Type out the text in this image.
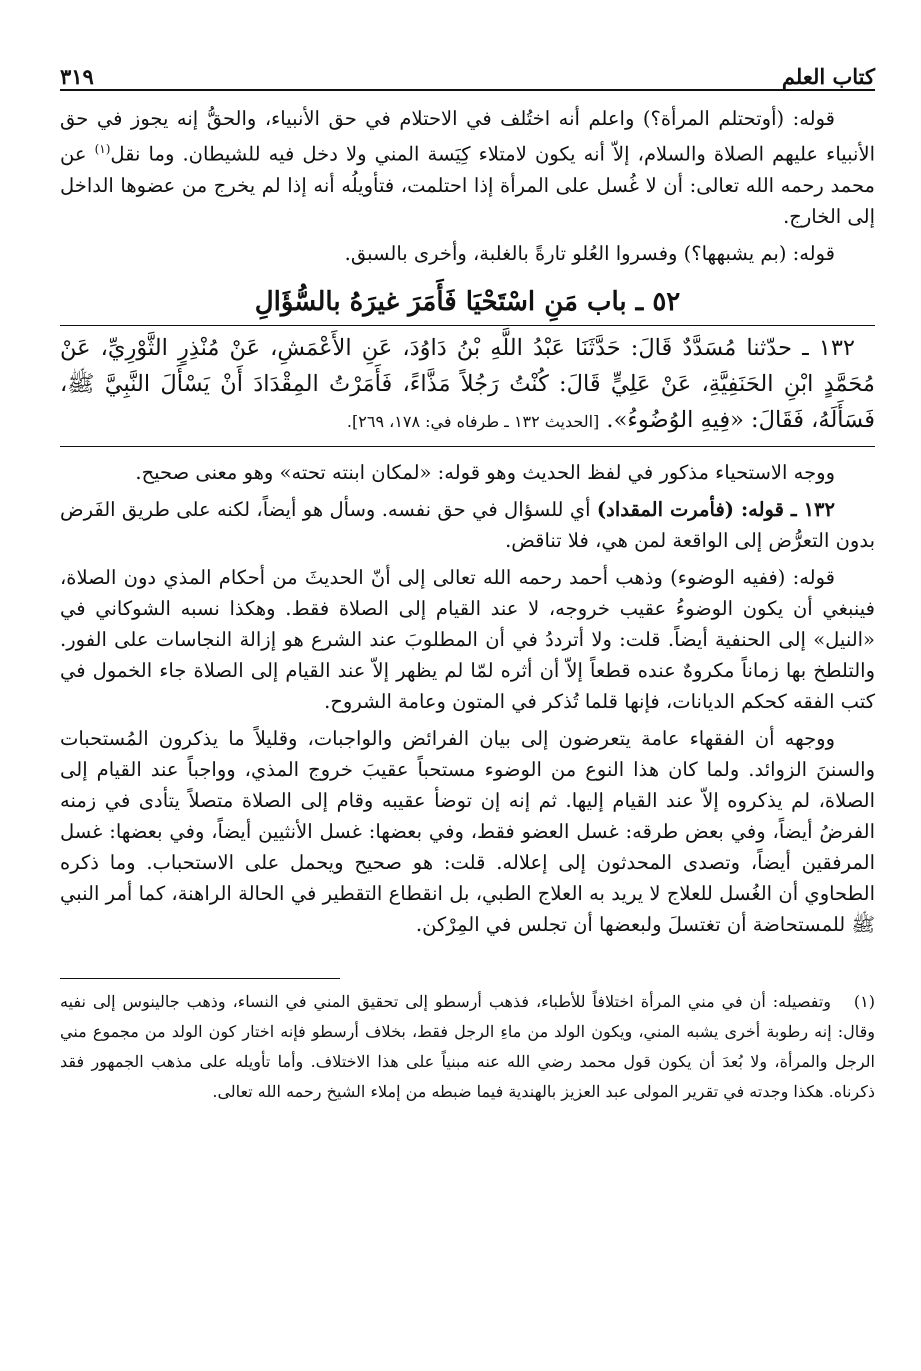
كتاب العلم
٣١٩

قوله: (أوتحتلم المرأة؟) واعلم أنه اختُلف في الاحتلام في حق الأنبياء، والحقُّ إنه يجوز في حق الأنبياء عليهم الصلاة والسلام، إلاّ أنه يكون لامتلاء كِيَسة المني ولا دخل فيه للشيطان. وما نقل$^{(١)}$ عن محمد رحمه الله تعالى: أن لا غُسل على المرأة إذا احتلمت، فتأويلُه أنه إذا لم يخرج من عضوها الداخل إلى الخارج.

قوله: (بم يشبهها؟) وفسروا العُلو تارةً بالغلبة، وأخرى بالسبق.

٥٢ ـ باب مَنِ اسْتَحْيَا فَأَمَرَ غيرَهُ بالسُّؤَالِ

١٣٢ ـ حدّثنا مُسَدَّدٌ قَالَ: حَدَّثَنَا عَبْدُ اللَّهِ بْنُ دَاوُدَ، عَنِ الأَعْمَشِ، عَنْ مُنْذِرٍ الثَّوْرِيِّ، عَنْ مُحَمَّدٍ ابْنِ الحَنَفِيَّةِ، عَنْ عَلِيٍّ قَالَ: كُنْتُ رَجُلاً مَذَّاءً، فَأَمَرْتُ المِقْدَادَ أَنْ يَسْأَلَ النَّبِيَّ ﷺ، فَسَأَلَهُ، فَقَالَ: «فِيهِ الوُضُوءُ». [الحديث ١٣٢ ـ طرفاه في: ١٧٨، ٢٦٩].

ووجه الاستحياء مذكور في لفظ الحديث وهو قوله: «لمكان ابنته تحته» وهو معنى صحيح.

١٣٢ ـ قوله: (فأمرت المقداد) أي للسؤال في حق نفسه. وسأل هو أيضاً، لكنه على طريق الفَرض بدون التعرُّض إلى الواقعة لمن هي، فلا تناقض.

قوله: (ففيه الوضوء) وذهب أحمد رحمه الله تعالى إلى أنّ الحديثَ من أحكام المذي دون الصلاة، فينبغي أن يكون الوضوءُ عقيب خروجه، لا عند القيام إلى الصلاة فقط. وهكذا نسبه الشوكاني في «النيل» إلى الحنفية أيضاً. قلت: ولا أترددُ في أن المطلوبَ عند الشرع هو إزالة النجاسات على الفور. والتلطخ بها زماناً مكروهٌ عنده قطعاً إلاّ أن أثره لمّا لم يظهر إلاّ عند القيام إلى الصلاة جاء الخمول في كتب الفقه كحكم الديانات، فإنها قلما تُذكر في المتون وعامة الشروح.

ووجهه أن الفقهاء عامة يتعرضون إلى بيان الفرائض والواجبات، وقليلاً ما يذكرون المُستحبات والسننَ الزوائد. ولما كان هذا النوع من الوضوء مستحباً عقيبَ خروج المذي، وواجباً عند القيام إلى الصلاة، لم يذكروه إلاّ عند القيام إليها. ثم إنه إن توضأ عقيبه وقام إلى الصلاة متصلاً يتأدى في زمنه الفرضُ أيضاً، وفي بعض طرقه: غسل العضو فقط، وفي بعضها: غسل الأنثيين أيضاً، وفي بعضها: غسل المرفقين أيضاً، وتصدى المحدثون إلى إعلاله. قلت: هو صحيح ويحمل على الاستحباب. وما ذكره الطحاوي أن الغُسل للعلاج لا يريد به العلاج الطبي، بل انقطاع التقطير في الحالة الراهنة، كما أمر النبي ﷺ للمستحاضة أن تغتسلَ ولبعضها أن تجلس في المِرْكن.

(١)وتفصيله: أن في مني المرأة اختلافاً للأطباء، فذهب أرسطو إلى تحقيق المني في النساء، وذهب جالينوس إلى نفيه وقال: إنه رطوبة أخرى يشبه المني، ويكون الولد من ماءِ الرجل فقط، بخلاف أرسطو فإنه اختار كون الولد من مجموع مني الرجل والمرأة، ولا بُعدَ أن يكون قول محمد رضي الله عنه مبنياً على هذا الاختلاف. وأما تأويله على مذهب الجمهور فقد ذكرناه. هكذا وجدته في تقرير المولى عبد العزيز بالهندية فيما ضبطه من إملاء الشيخ رحمه الله تعالى.
